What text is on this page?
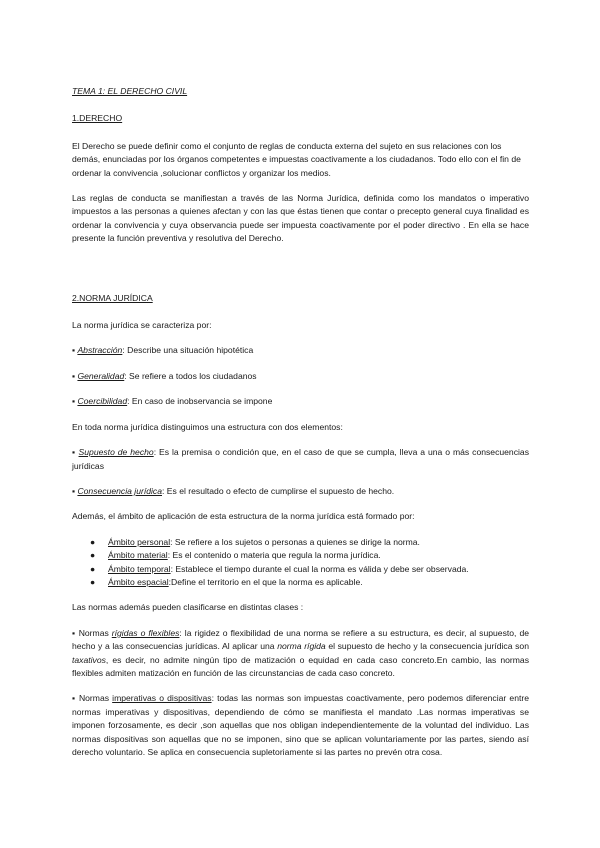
TEMA 1: EL DERECHO CIVIL

1.DERECHO

El Derecho se puede definir como el conjunto de reglas de conducta externa del sujeto en sus relaciones con los demás, enunciadas por los órganos competentes e impuestas coactivamente a los ciudadanos. Todo ello con el fin de ordenar la convivencia ,solucionar conflictos y organizar los medios.

Las reglas de conducta se manifiestan a través de las Norma Jurídica, definida como los mandatos o imperativo impuestos a las personas a quienes afectan y con las que éstas tienen que contar o precepto general cuya finalidad es ordenar la convivencia y cuya observancia puede ser impuesta coactivamente por el poder directivo . En ella se hace presente la función preventiva y resolutiva del Derecho.

2.NORMA JURÍDICA

La norma jurídica se caracteriza por:

▪ Abstracción: Describe una situación hipotética

▪ Generalidad: Se refiere a todos los ciudadanos

▪ Coercibilidad: En caso de inobservancia se impone

En toda norma jurídica distinguimos una estructura con dos elementos:

▪ Supuesto de hecho: Es la premisa o condición que, en el caso de que se cumpla, lleva a una o más consecuencias jurídicas

▪ Consecuencia jurídica: Es el resultado o efecto de cumplirse el supuesto de hecho.

Además, el ámbito de aplicación de esta estructura de la norma jurídica está formado por:

● Ámbito personal: Se refiere a los sujetos o personas a quienes se dirige la norma.
● Ámbito material: Es el contenido o materia que regula la norma jurídica.
● Ámbito temporal: Establece el tiempo durante el cual la norma es válida y debe ser observada.
● Ámbito espacial:Define el territorio en el que la norma es aplicable.

Las normas además pueden clasificarse en distintas clases :

▪ Normas rígidas o flexibles: la rigidez o flexibilidad de una norma se refiere a su estructura, es decir, al supuesto, de hecho y a las consecuencias jurídicas. Al aplicar una norma rígida el supuesto de hecho y la consecuencia jurídica son taxativos, es decir, no admite ningún tipo de matización o equidad en cada caso concreto.En cambio, las normas flexibles admiten matización en función de las circunstancias de cada caso concreto.

▪ Normas imperativas o dispositivas: todas las normas son impuestas coactivamente, pero podemos diferenciar entre normas imperativas y dispositivas, dependiendo de cómo se manifiesta el mandato .Las normas imperativas se imponen forzosamente, es decir ,son aquellas que nos obligan independientemente de la voluntad del individuo. Las normas dispositivas son aquellas que no se imponen, sino que se aplican voluntariamente por las partes, siendo así derecho voluntario. Se aplica en consecuencia supletoriamente si las partes no prevén otra cosa.
